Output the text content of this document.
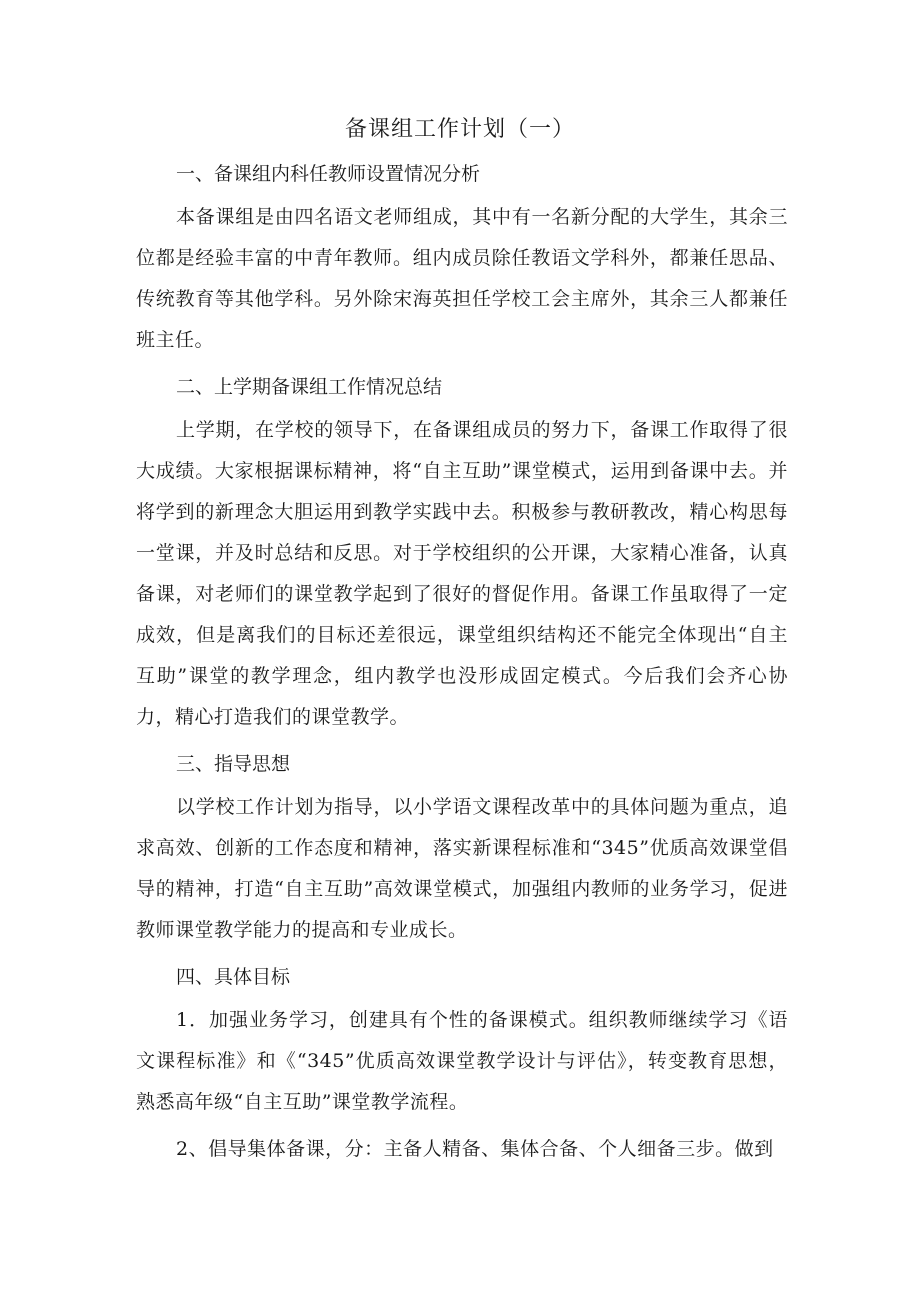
备课组工作计划（一）

一、备课组内科任教师设置情况分析

本备课组是由四名语文老师组成，其中有一名新分配的大学生，其余三位都是经验丰富的中青年教师。组内成员除任教语文学科外，都兼任思品、传统教育等其他学科。另外除宋海英担任学校工会主席外，其余三人都兼任班主任。

二、上学期备课组工作情况总结

上学期，在学校的领导下，在备课组成员的努力下，备课工作取得了很大成绩。大家根据课标精神，将“自主互助”课堂模式，运用到备课中去。并将学到的新理念大胆运用到教学实践中去。积极参与教研教改，精心构思每一堂课，并及时总结和反思。对于学校组织的公开课，大家精心准备，认真备课，对老师们的课堂教学起到了很好的督促作用。备课工作虽取得了一定成效，但是离我们的目标还差很远，课堂组织结构还不能完全体现出“自主互助”课堂的教学理念，组内教学也没形成固定模式。今后我们会齐心协力，精心打造我们的课堂教学。

三、指导思想

以学校工作计划为指导，以小学语文课程改革中的具体问题为重点，追求高效、创新的工作态度和精神，落实新课程标准和“345”优质高效课堂倡导的精神，打造“自主互助”高效课堂模式，加强组内教师的业务学习，促进教师课堂教学能力的提高和专业成长。

四、具体目标

1．加强业务学习，创建具有个性的备课模式。组织教师继续学习《语文课程标准》和《“345”优质高效课堂教学设计与评估》，转变教育思想，熟悉高年级“自主互助”课堂教学流程。

2、倡导集体备课，分：主备人精备、集体合备、个人细备三步。做到
